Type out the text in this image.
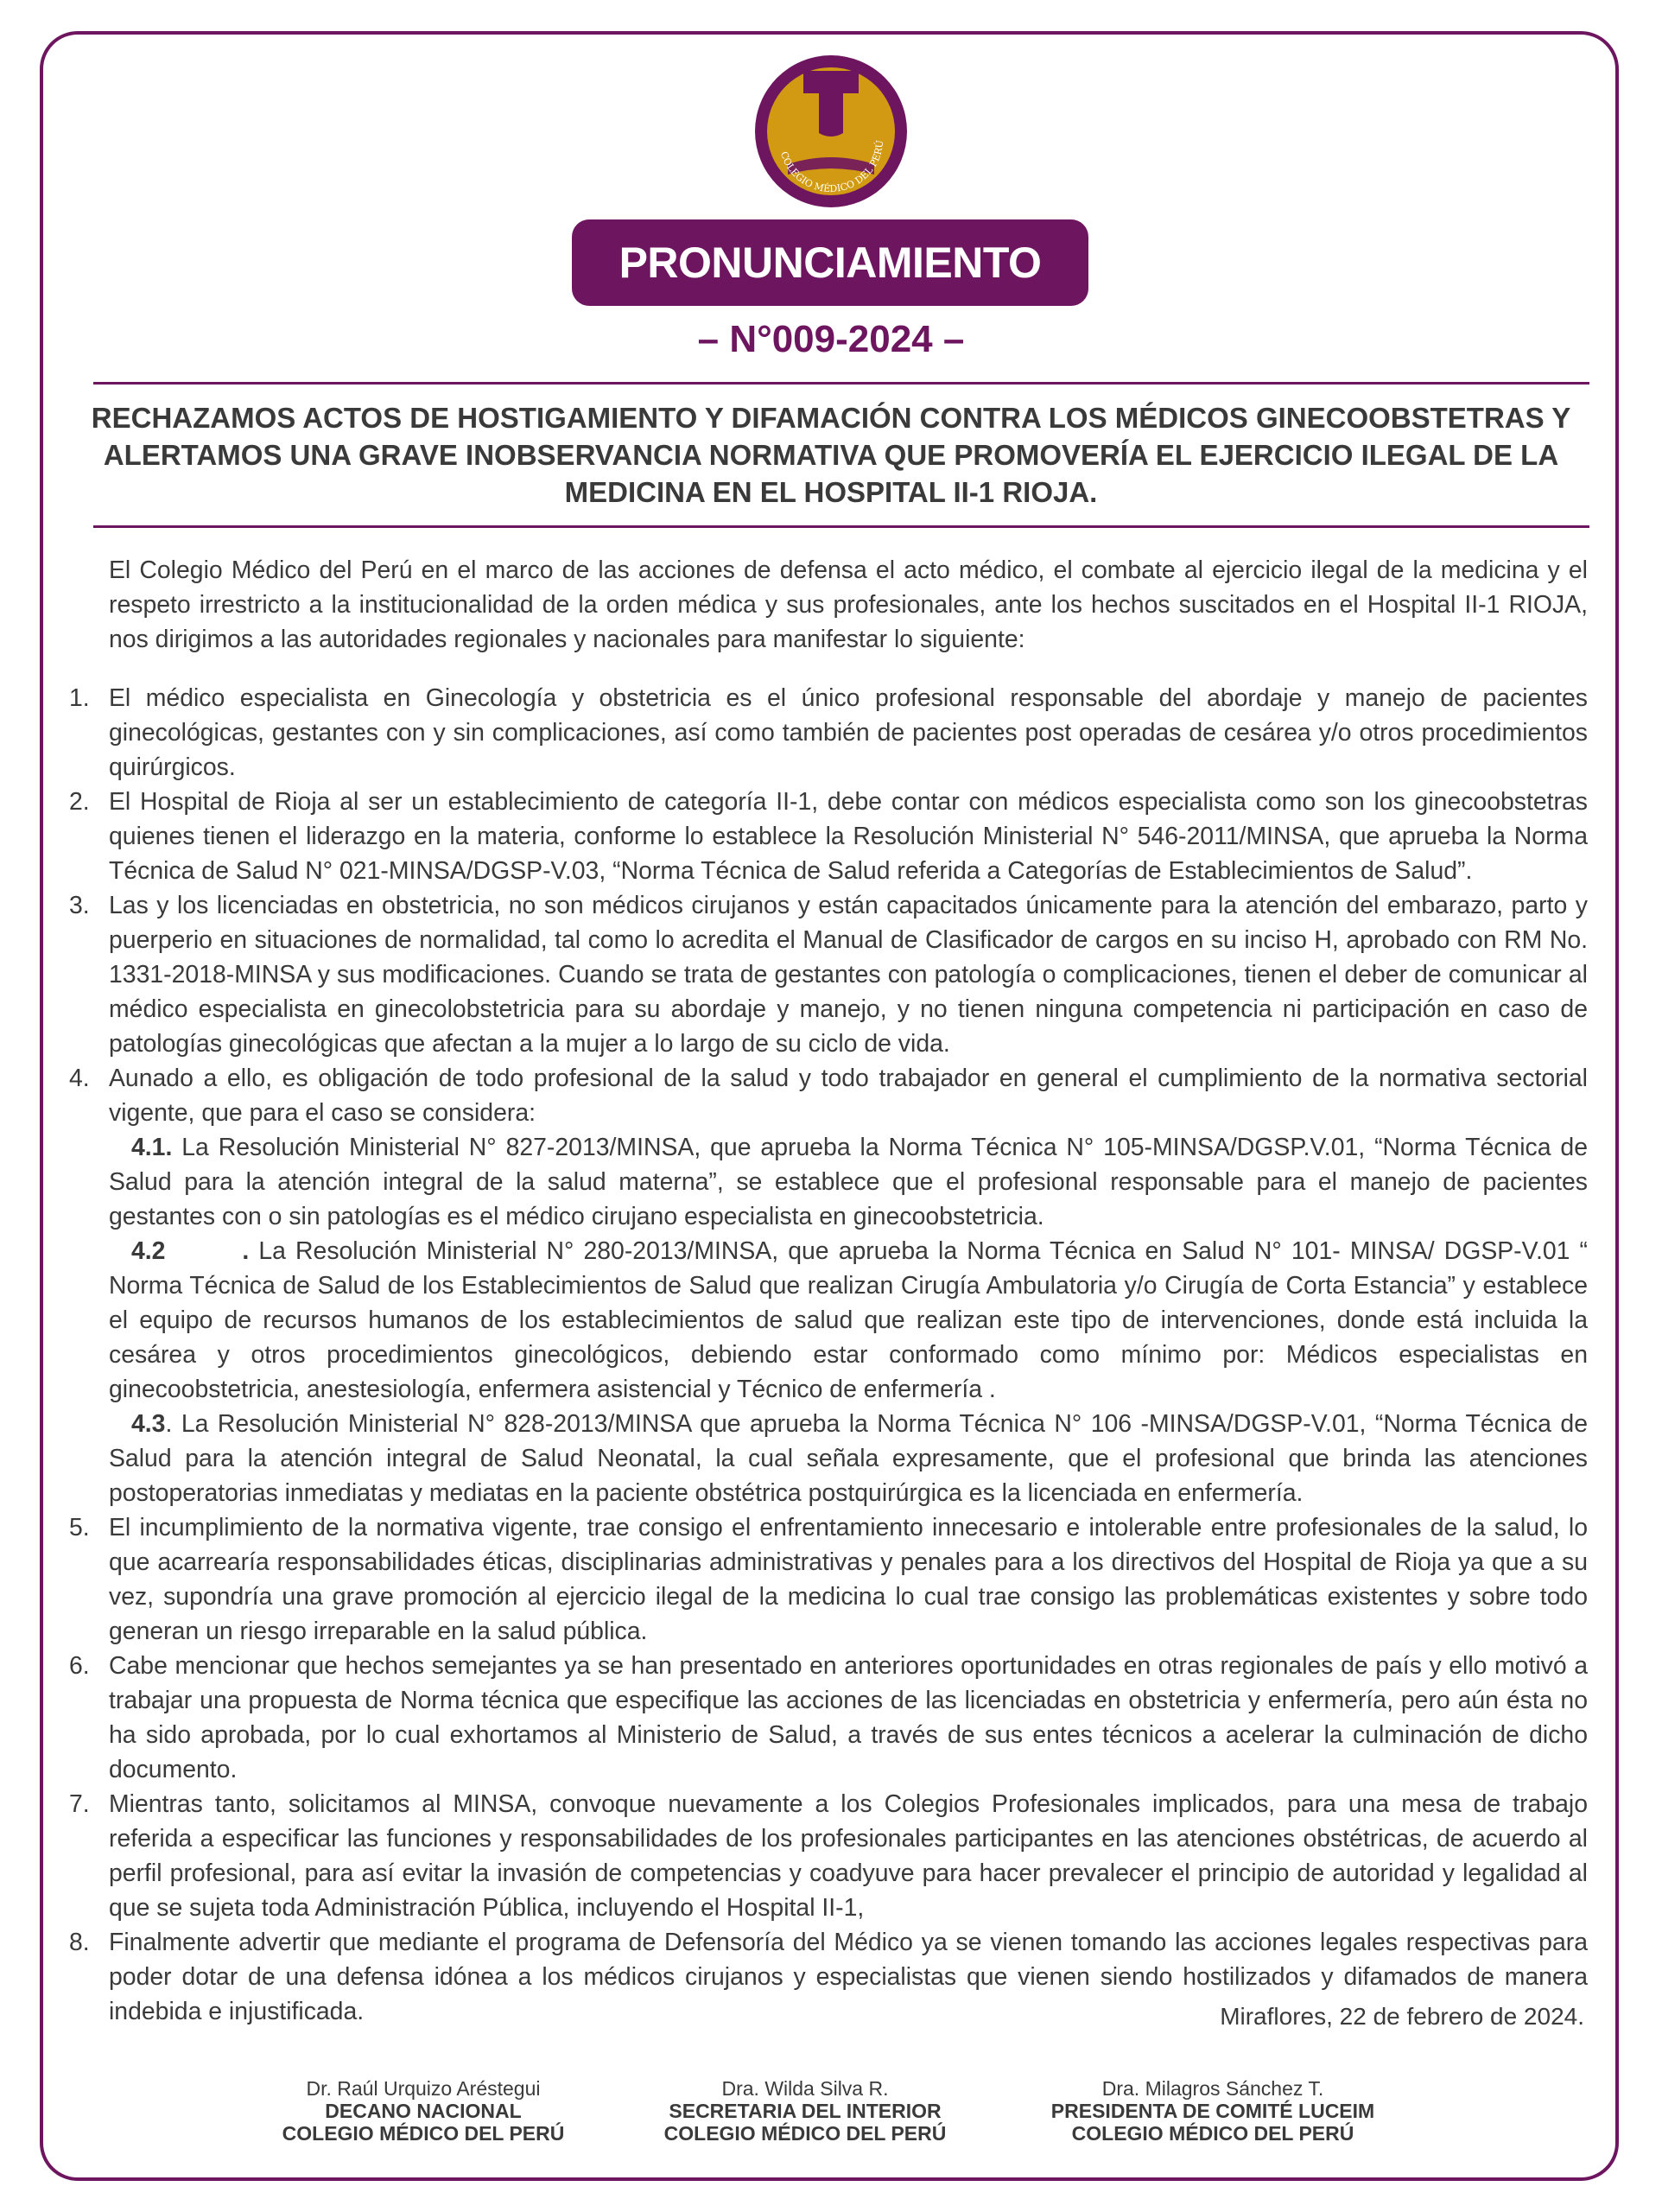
COLEGIO MÉDICO DEL PERÚ
PRONUNCIAMIENTO
– N°009-2024 –
RECHAZAMOS ACTOS DE HOSTIGAMIENTO Y DIFAMACIÓN CONTRA LOS MÉDICOS GINECOOBSTETRAS Y ALERTAMOS UNA GRAVE INOBSERVANCIA NORMATIVA QUE PROMOVERÍA EL EJERCICIO ILEGAL DE LA MEDICINA EN EL HOSPITAL II-1 RIOJA.

El Colegio Médico del Perú en el marco de las acciones de defensa el acto médico, el combate al ejercicio ilegal de la medicina y el respeto irrestricto a la institucionalidad de la orden médica y sus profesionales, ante los hechos suscitados en el Hospital II-1 RIOJA, nos dirigimos a las autoridades regionales y nacionales para manifestar lo siguiente:

1. El médico especialista en Ginecología y obstetricia es el único profesional responsable del abordaje y manejo de pacientes ginecológicas, gestantes con y sin complicaciones, así como también de pacientes post operadas de cesárea y/o otros procedimientos quirúrgicos.

2. El Hospital de Rioja al ser un establecimiento de categoría II-1, debe contar con médicos especialista como son los ginecoobstetras quienes tienen el liderazgo en la materia, conforme lo establece la Resolución Ministerial N° 546-2011/MINSA, que aprueba la Norma Técnica de Salud N° 021-MINSA/DGSP-V.03, “Norma Técnica de Salud referida a Categorías de Establecimientos de Salud”.

3. Las y los licenciadas en obstetricia, no son médicos cirujanos y están capacitados únicamente para la atención del embarazo, parto y puerperio en situaciones de normalidad, tal como lo acredita el Manual de Clasificador de cargos en su inciso H, aprobado con RM No. 1331-2018-MINSA y sus modificaciones. Cuando se trata de gestantes con patología o complicaciones, tienen el deber de comunicar al médico especialista en ginecolobstetricia para su abordaje y manejo, y no tienen ninguna competencia ni participación en caso de patologías ginecológicas que afectan a la mujer a lo largo de su ciclo de vida.

4. Aunado a ello, es obligación de todo profesional de la salud y todo trabajador en general el cumplimiento de la normativa sectorial vigente, que para el caso se considera:

4.1. La Resolución Ministerial N° 827-2013/MINSA, que aprueba la Norma Técnica N° 105-MINSA/DGSP.V.01, “Norma Técnica de Salud para la atención integral de la salud materna”, se establece que el profesional responsable para el manejo de pacientes gestantes con o sin patologías es el médico cirujano especialista en ginecoobstetricia.

4.2        . La Resolución Ministerial N° 280-2013/MINSA, que aprueba la Norma Técnica en Salud N° 101- MINSA/ DGSP-V.01 “ Norma Técnica de Salud de los Establecimientos de Salud que realizan Cirugía Ambulatoria y/o Cirugía de Corta Estancia” y establece el equipo de recursos humanos de los establecimientos de salud que realizan este tipo de intervenciones, donde está incluida la cesárea y otros procedimientos ginecológicos, debiendo estar conformado como mínimo por: Médicos especialistas en ginecoobstetricia, anestesiología, enfermera asistencial y Técnico de enfermería .

4.3. La Resolución Ministerial N° 828-2013/MINSA que aprueba la Norma Técnica N° 106 -MINSA/DGSP-V.01, “Norma Técnica de Salud para la atención integral de Salud Neonatal, la cual señala expresamente, que el profesional que brinda las atenciones postoperatorias inmediatas y mediatas en la paciente obstétrica postquirúrgica es la licenciada en enfermería.

5. El incumplimiento de la normativa vigente, trae consigo el enfrentamiento innecesario e intolerable entre profesionales de la salud, lo que acarrearía responsabilidades éticas, disciplinarias administrativas y penales para a los directivos del Hospital de Rioja ya que a su vez, supondría una grave promoción al ejercicio ilegal de la medicina lo cual trae consigo las problemáticas existentes y sobre todo generan un riesgo irreparable en la salud pública.

6. Cabe mencionar que hechos semejantes ya se han presentado en anteriores oportunidades en otras regionales de país y ello motivó a trabajar una propuesta de Norma técnica que especifique las acciones de las licenciadas en obstetricia y enfermería, pero aún ésta no ha sido aprobada, por lo cual exhortamos al Ministerio de Salud, a través de sus entes técnicos a acelerar la culminación de dicho documento.

7. Mientras tanto, solicitamos al MINSA, convoque nuevamente a los Colegios Profesionales implicados, para una mesa de trabajo referida a especificar las funciones y responsabilidades de los profesionales participantes en las atenciones obstétricas, de acuerdo al perfil profesional, para así evitar la invasión de competencias y coadyuve para hacer prevalecer el principio de autoridad y legalidad al que se sujeta toda Administración Pública, incluyendo el Hospital II-1,

8. Finalmente advertir que mediante el programa de Defensoría del Médico ya se vienen tomando las acciones legales respectivas para poder dotar de una defensa idónea a los médicos cirujanos y especialistas que vienen siendo hostilizados y difamados de manera indebida e injustificada.	Miraflores, 22 de febrero de 2024.
Dr. Raúl Urquizo Aréstegui
DECANO NACIONAL
COLEGIO MÉDICO DEL PERÚ
Dra. Wilda Silva R.
SECRETARIA DEL INTERIOR
COLEGIO MÉDICO DEL PERÚ
Dra. Milagros Sánchez T.
PRESIDENTA DE COMITÉ LUCEIM
COLEGIO MÉDICO DEL PERÚ
